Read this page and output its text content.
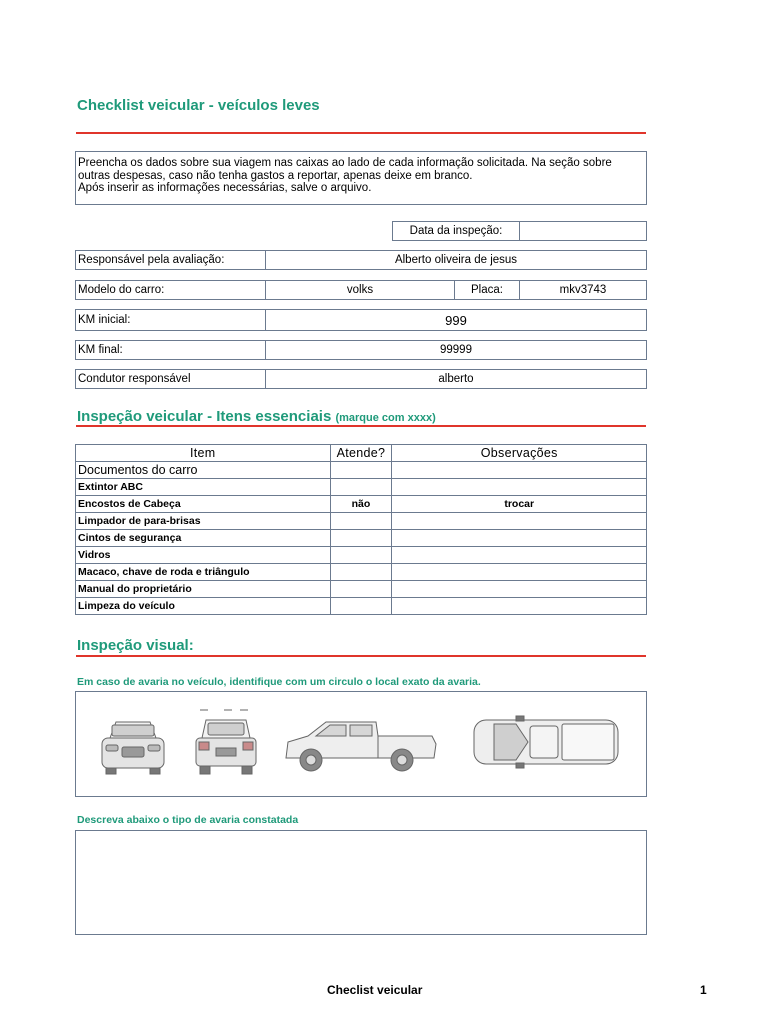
Checklist veicular - veículos leves
Preencha os dados sobre sua viagem nas caixas ao lado de cada informação solicitada. Na seção sobre
outras despesas, caso não tenha gastos a reportar, apenas deixe em branco.
Após inserir as informações necessárias, salve o arquivo.
Data da inspeção:
Responsável pela avaliação:	Alberto oliveira de jesus
Modelo do carro:	volks	Placa:	mkv3743
KM inicial:	999
KM final:	99999
Condutor responsável	alberto
Inspeção veicular - Itens essenciais (marque com xxxx)
Item	Atende?	Observações
Documentos do carro		
Extintor ABC		
Encostos de Cabeça	não	trocar
Limpador de para-brisas		
Cintos de segurança		
Vidros		
Macaco, chave de roda e triângulo		
Manual do proprietário		
Limpeza do veículo		
Inspeção visual:
Em caso de avaria no veículo, identifique com um circulo o local exato da avaria.
Descreva abaixo o tipo de avaria constatada
Checlist veicular	1
